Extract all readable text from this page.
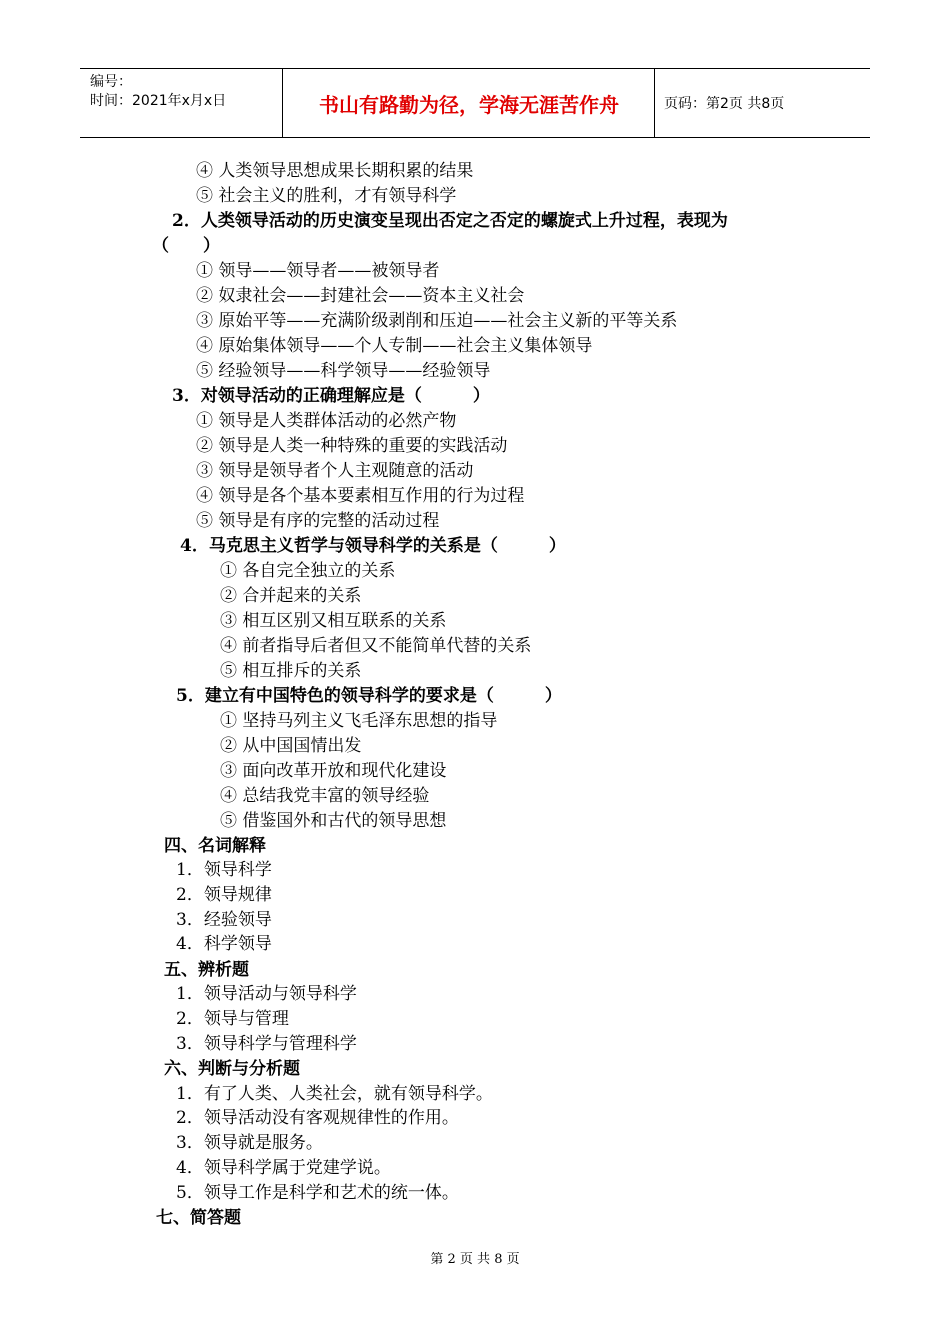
编号：
时间：2021年x月x日	书山有路勤为径，学海无涯苦作舟	页码：第2页 共8页
④ 人类领导思想成果长期积累的结果
⑤ 社会主义的胜利，才有领导科学
2．人类领导活动的历史演变呈现出否定之否定的螺旋式上升过程，表现为
（　　）
① 领导——领导者——被领导者
② 奴隶社会——封建社会——资本主义社会
③ 原始平等——充满阶级剥削和压迫——社会主义新的平等关系
④ 原始集体领导——个人专制——社会主义集体领导
⑤ 经验领导——科学领导——经验领导
3．对领导活动的正确理解应是（　　　）
① 领导是人类群体活动的必然产物
② 领导是人类一种特殊的重要的实践活动
③ 领导是领导者个人主观随意的活动
④ 领导是各个基本要素相互作用的行为过程
⑤ 领导是有序的完整的活动过程
4．马克思主义哲学与领导科学的关系是（　　　）
① 各自完全独立的关系
② 合并起来的关系
③ 相互区别又相互联系的关系
④ 前者指导后者但又不能简单代替的关系
⑤ 相互排斥的关系
5．建立有中国特色的领导科学的要求是（　　　）
① 坚持马列主义飞毛泽东思想的指导
② 从中国国情出发
③ 面向改革开放和现代化建设
④ 总结我党丰富的领导经验
⑤ 借鉴国外和古代的领导思想
四、名词解释
1．领导科学
2．领导规律
3．经验领导
4．科学领导
五、辨析题
1．领导活动与领导科学
2．领导与管理
3．领导科学与管理科学
六、判断与分析题
1．有了人类、人类社会，就有领导科学。
2．领导活动没有客观规律性的作用。
3．领导就是服务。
4．领导科学属于党建学说。
5．领导工作是科学和艺术的统一体。
七、简答题
第 2 页 共 8 页
